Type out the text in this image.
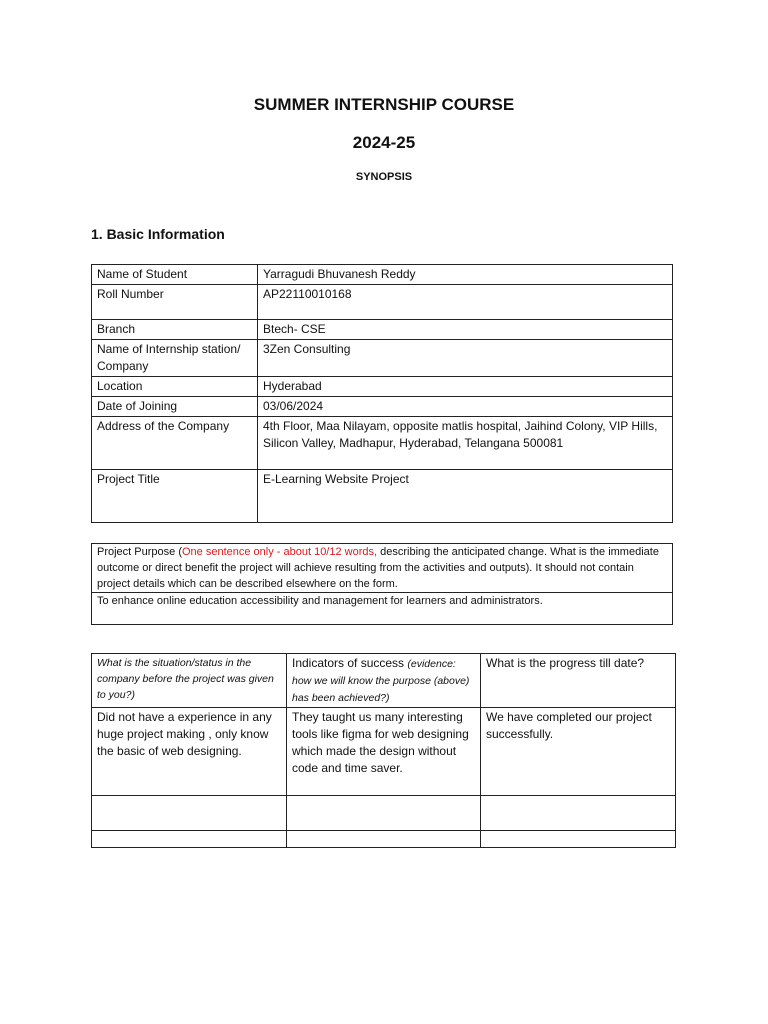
SUMMER INTERNSHIP COURSE
2024-25
SYNOPSIS
1. Basic Information
Name of Student	Yarragudi Bhuvanesh Reddy
Roll Number	AP22110010168
Branch	Btech- CSE
Name of Internship station/ Company	3Zen Consulting
Location	Hyderabad
Date of Joining	03/06/2024
Address of the Company	4th Floor, Maa Nilayam, opposite matlis hospital, Jaihind Colony, VIP Hills, Silicon Valley, Madhapur, Hyderabad, Telangana 500081
Project Title	E-Learning Website Project
Project Purpose (One sentence only - about 10/12 words, describing the anticipated change. What is the immediate outcome or direct benefit the project will achieve resulting from the activities and outputs). It should not contain project details which can be described elsewhere on the form.
To enhance online education accessibility and management for learners and administrators.
What is the situation/status in the company before the project was given to you?)	Indicators of success (evidence: how we will know the purpose (above) has been achieved?)	What is the progress till date?
Did not have a experience in any huge project making , only know the basic of web designing.	They taught us many interesting tools like figma for web designing which made the design without code and time saver.	We have completed our project successfully.
